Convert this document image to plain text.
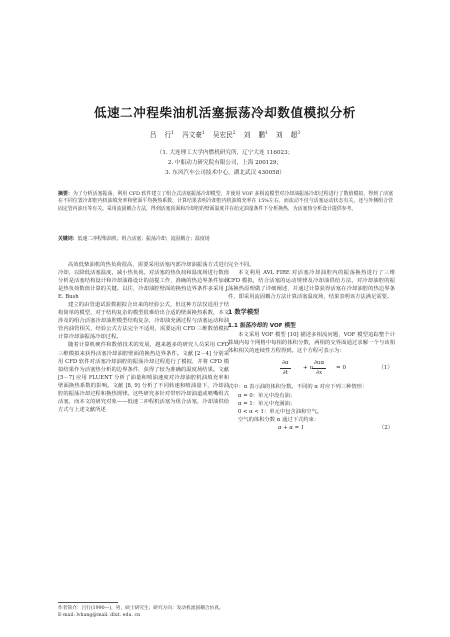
低速二冲程柴油机活塞振荡冷却数值模拟分析
吕 行$^1$ 冯文豪$^1$ 吴宏民$^2$ 刘 鹏$^1$ 刘 超$^3$
（1. 大连理工大学内燃机研究所，辽宁大连 116023；
2. 中船动力研究院有限公司，上海 200129；
3. 东风汽车公司技术中心，湖北武汉 430058）
摘要：为了分析活塞振荡，利用 CFD 软件建立了组合式活塞振荡冷却模型，并使用 VOF 多相流模型对冷却油振荡冷却过程进行了数值模拟，得到了活塞在不同位置冷却腔内机油填充率和壁面平均换热系数，计算结果表明冷却腔内机油填充率在 15%左右，而流动不仅与活塞运动状态有关，还与外侧组合管固定管内油压等有关。采用流固耦合方法，得到活塞顶面和冷却腔的壁面温度并在给定油量条件下分析换热，为活塞热分析设计提供参考。
关键词：低速二冲程柴油机；组合活塞；振荡冷却；流固耦合；温度场

高效低柴油机的热负荷很高，需要采用活塞内部冷却油振荡方式进行冷却，以降低活塞温度，减小热负荷。对活塞的热负荷和温度场进行数值分析是活塞结构设计和冷却油路设计的前提工作，准确的热边界条件加载是热负荷数值计算的关键。以往，冷却油腔壁面的换热边界条件多采用 J. E. Bush

建立的由管道试验数据拟合出来的经验公式，但这种方法仅适用于结构简单的模型，对于结构复杂的模型很难给出合适的壁面换热系数，本文涉及的组合活塞冷却油腔模型结构复杂，冷却油充满过程与活塞运动和油管内油管相关，经验公式方法完全不适用，需要运用 CFD 三维数值模拟计算冷却油振荡冷却过程。

随着计算机硬件和数值技术的发展，越来越多的研究人员采用 CFD 三维模拟来获得活塞冷却油腔壁面的换热边界条件。文献 [2－4] 分别采用 CFD 软件对活塞冷却油腔的振荡冷却过程进行了模拟，并将 CFD 模拟结果作为活塞热分析的边界条件，获得了较为准确的温度场结果。文献 [5－7] 应用 FLUENT 分析了油量和喷油速度对冷却油腔机油填充率和壁面换热系数的影响。文献 [8, 9] 分析了不同转速和喷油量下，冷却油腔的振荡冷却过程和换热规律。这些研究多针对带形冷却油道或喷嘴组式活塞，而本文的研究对象——低速二冲程机活塞为组合活塞，冷却油供给方式与上述文献所述

完全不同。

本文利用 AVL FIRE 对活塞冷却油腔内的振荡换热进行了三维 CFD 模拟，结合活塞的运动规律及冷却油供给方法，对冷却油腔的振荡换热原理做了详细阐述，并通过计算获得活塞在冷却油腔的热边界条件，即采用流固耦合方法计算活塞温度场，结果表明该方法满足需要。

1 数学模型
1.1 振荡冷却的 VOF 模型

本文采用 VOF 模型 [10] 描述多相流问题，VOF 模型追踪整个计算域内每个网格中每相的体积分数，两相的交界面通过求解一个与该相体积相关的连续性方程得到。这个方程可表示为：

$\frac{\partial\alpha}{\partial t} + u$
∂uα
∂x
= 0	（1）

式中：α 表示油的体积分数。不同的 α 对应下列三种情形：

α = 0：单元中没有油；
α = 1：单元中充满油；
0 < α < 1：单元中包含油和空气。
空气的体积分数 α 通过下式约束：
α + α = 1	（2）
作者简介：吕行(1990—)，男，硕士研究生；研究方向：发动机流固耦合仿真。
E-mail: lvhang@mail. dlut. edu. cn
